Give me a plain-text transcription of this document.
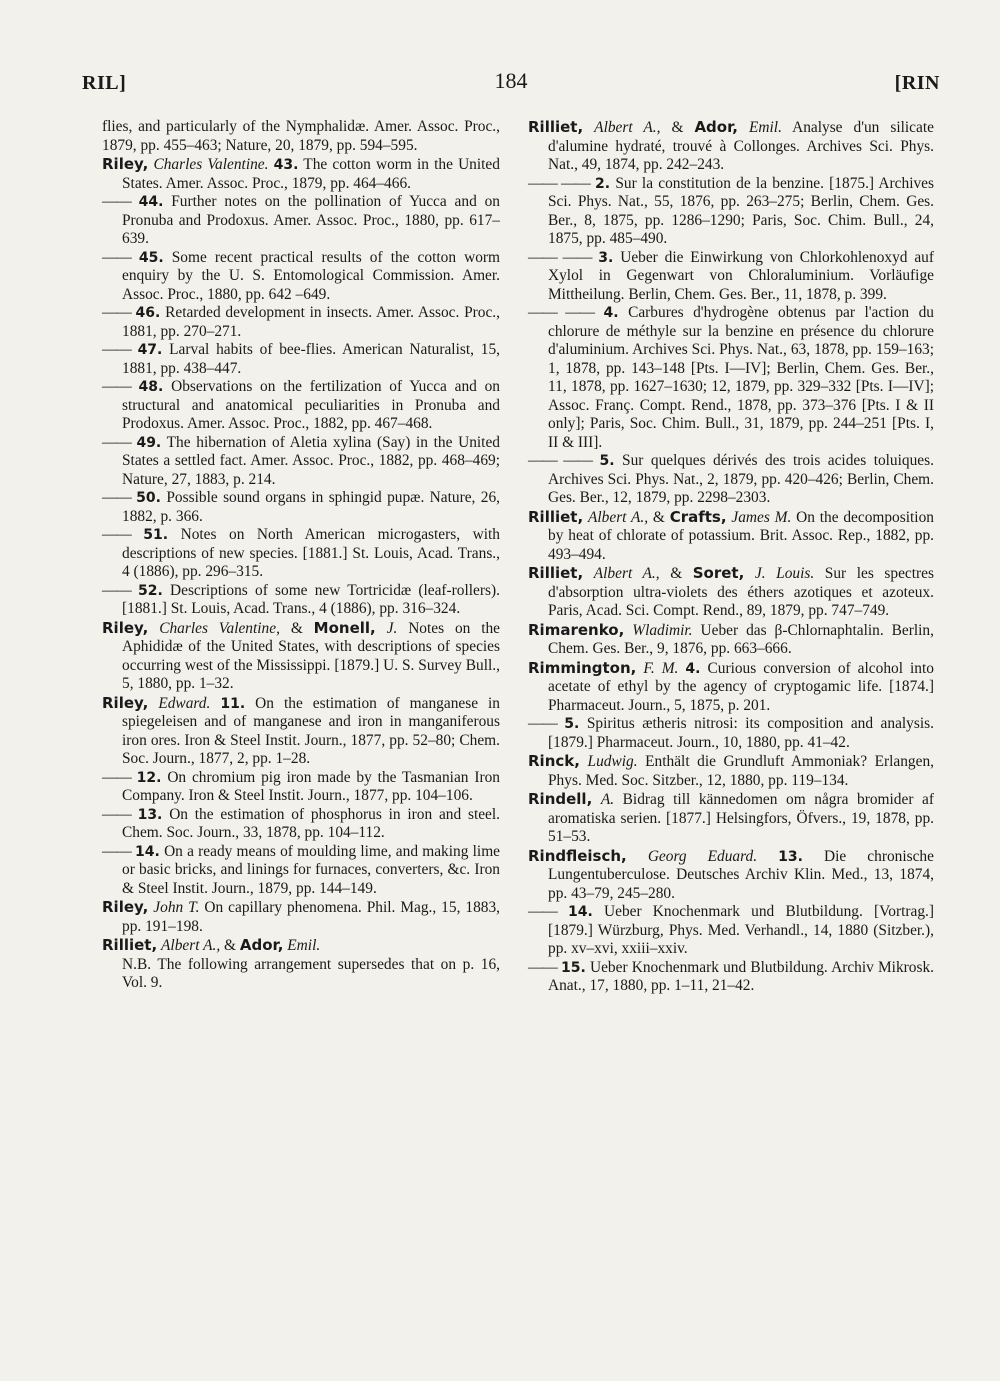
RIL]	184	[RIN

flies, and particularly of the Nymphalidæ. Amer. Assoc. Proc., 1879, pp. 455–463; Nature, 20, 1879, pp. 594–595.

Riley, Charles Valentine. 43. The cotton worm in the United States. Amer. Assoc. Proc., 1879, pp. 464–466.

—— 44. Further notes on the pollination of Yucca and on Pronuba and Prodoxus. Amer. Assoc. Proc., 1880, pp. 617–639.

—— 45. Some recent practical results of the cotton worm enquiry by the U. S. Entomological Commission. Amer. Assoc. Proc., 1880, pp. 642 –649.

—— 46. Retarded development in insects. Amer. Assoc. Proc., 1881, pp. 270–271.

—— 47. Larval habits of bee-flies. American Naturalist, 15, 1881, pp. 438–447.

—— 48. Observations on the fertilization of Yucca and on structural and anatomical peculiarities in Pronuba and Prodoxus. Amer. Assoc. Proc., 1882, pp. 467–468.

—— 49. The hibernation of Aletia xylina (Say) in the United States a settled fact. Amer. Assoc. Proc., 1882, pp. 468–469; Nature, 27, 1883, p. 214.

—— 50. Possible sound organs in sphingid pupæ. Nature, 26, 1882, p. 366.

—— 51. Notes on North American microgasters, with descriptions of new species. [1881.] St. Louis, Acad. Trans., 4 (1886), pp. 296–315.

—— 52. Descriptions of some new Tortricidæ (leaf-rollers). [1881.] St. Louis, Acad. Trans., 4 (1886), pp. 316–324.

Riley, Charles Valentine, & Monell, J. Notes on the Aphididæ of the United States, with descriptions of species occurring west of the Mississippi. [1879.] U. S. Survey Bull., 5, 1880, pp. 1–32.

Riley, Edward. 11. On the estimation of manganese in spiegeleisen and of manganese and iron in manganiferous iron ores. Iron & Steel Instit. Journ., 1877, pp. 52–80; Chem. Soc. Journ., 1877, 2, pp. 1–28.

—— 12. On chromium pig iron made by the Tasmanian Iron Company. Iron & Steel Instit. Journ., 1877, pp. 104–106.

—— 13. On the estimation of phosphorus in iron and steel. Chem. Soc. Journ., 33, 1878, pp. 104–112.

—— 14. On a ready means of moulding lime, and making lime or basic bricks, and linings for furnaces, converters, &c. Iron & Steel Instit. Journ., 1879, pp. 144–149.

Riley, John T. On capillary phenomena. Phil. Mag., 15, 1883, pp. 191–198.

Rilliet, Albert A., & Ador, Emil.

N.B. The following arrangement supersedes that on p. 16, Vol. 9.

Rilliet, Albert A., & Ador, Emil. Analyse d'un silicate d'alumine hydraté, trouvé à Collonges. Archives Sci. Phys. Nat., 49, 1874, pp. 242–243.

—— —— 2. Sur la constitution de la benzine. [1875.] Archives Sci. Phys. Nat., 55, 1876, pp. 263–275; Berlin, Chem. Ges. Ber., 8, 1875, pp. 1286–1290; Paris, Soc. Chim. Bull., 24, 1875, pp. 485–490.

—— —— 3. Ueber die Einwirkung von Chlorkohlenoxyd auf Xylol in Gegenwart von Chloraluminium. Vorläufige Mittheilung. Berlin, Chem. Ges. Ber., 11, 1878, p. 399.

—— —— 4. Carbures d'hydrogène obtenus par l'action du chlorure de méthyle sur la benzine en présence du chlorure d'aluminium. Archives Sci. Phys. Nat., 63, 1878, pp. 159–163; 1, 1878, pp. 143–148 [Pts. I—IV]; Berlin, Chem. Ges. Ber., 11, 1878, pp. 1627–1630; 12, 1879, pp. 329–332 [Pts. I—IV]; Assoc. Franç. Compt. Rend., 1878, pp. 373–376 [Pts. I & II only]; Paris, Soc. Chim. Bull., 31, 1879, pp. 244–251 [Pts. I, II & III].

—— —— 5. Sur quelques dérivés des trois acides toluiques. Archives Sci. Phys. Nat., 2, 1879, pp. 420–426; Berlin, Chem. Ges. Ber., 12, 1879, pp. 2298–2303.

Rilliet, Albert A., & Crafts, James M. On the decomposition by heat of chlorate of potassium. Brit. Assoc. Rep., 1882, pp. 493–494.

Rilliet, Albert A., & Soret, J. Louis. Sur les spectres d'absorption ultra-violets des éthers azotiques et azoteux. Paris, Acad. Sci. Compt. Rend., 89, 1879, pp. 747–749.

Rimarenko, Wladimir. Ueber das β-Chlornaphtalin. Berlin, Chem. Ges. Ber., 9, 1876, pp. 663–666.

Rimmington, F. M. 4. Curious conversion of alcohol into acetate of ethyl by the agency of cryptogamic life. [1874.] Pharmaceut. Journ., 5, 1875, p. 201.

—— 5. Spiritus ætheris nitrosi: its composition and analysis. [1879.] Pharmaceut. Journ., 10, 1880, pp. 41–42.

Rinck, Ludwig. Enthält die Grundluft Ammoniak? Erlangen, Phys. Med. Soc. Sitzber., 12, 1880, pp. 119–134.

Rindell, A. Bidrag till kännedomen om några bromider af aromatiska serien. [1877.] Helsingfors, Öfvers., 19, 1878, pp. 51–53.

Rindfleisch, Georg Eduard. 13. Die chronische Lungentuberculose. Deutsches Archiv Klin. Med., 13, 1874, pp. 43–79, 245–280.

—— 14. Ueber Knochenmark und Blutbildung. [Vortrag.] [1879.] Würzburg, Phys. Med. Verhandl., 14, 1880 (Sitzber.), pp. xv–xvi, xxiii–xxiv.

—— 15. Ueber Knochenmark und Blutbildung. Archiv Mikrosk. Anat., 17, 1880, pp. 1–11, 21–42.
